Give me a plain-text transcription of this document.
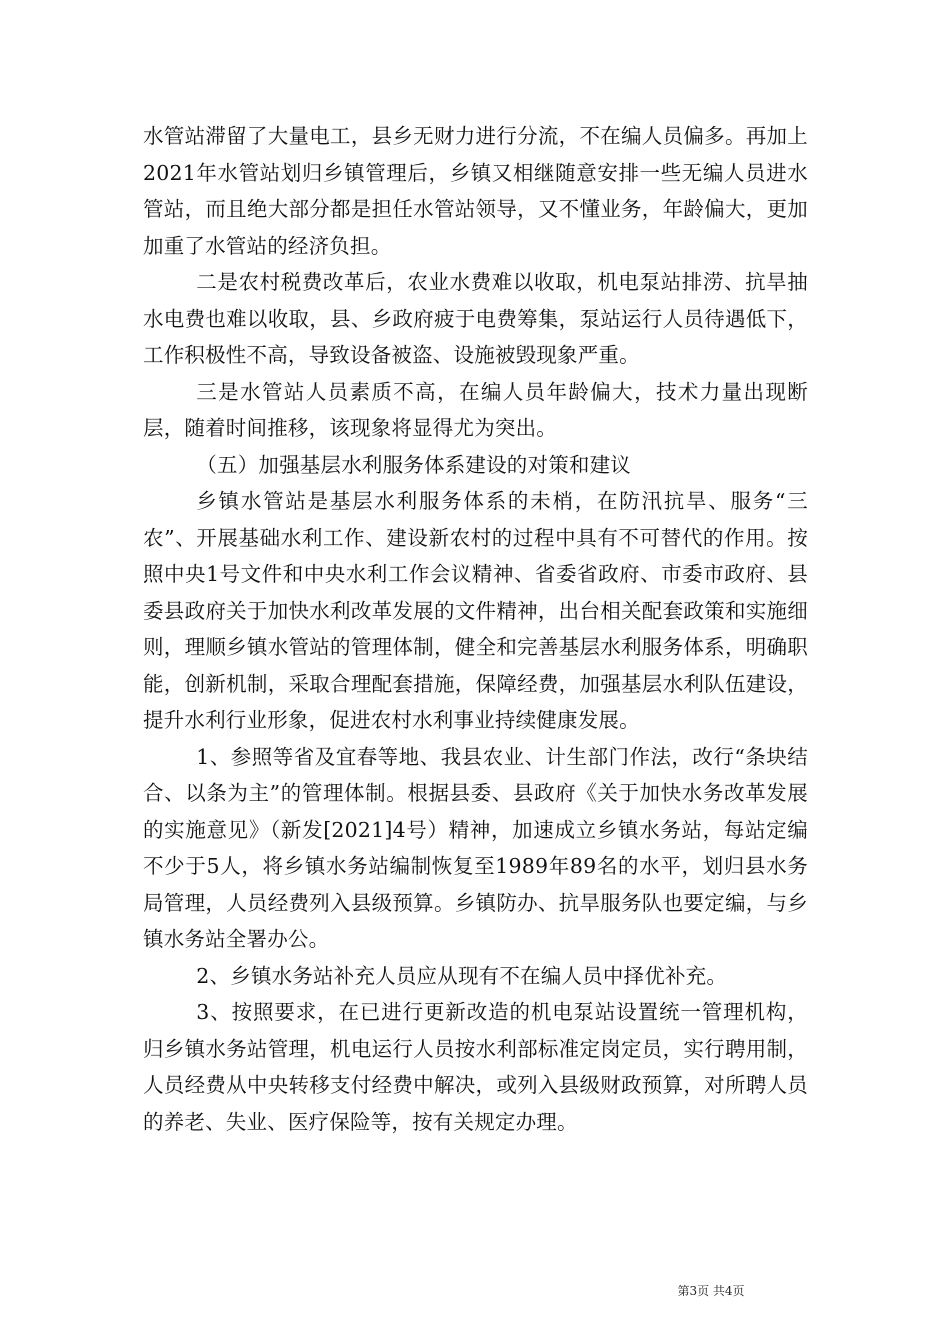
水管站滞留了大量电工，县乡无财力进行分流，不在编人员偏多。再加上2021年水管站划归乡镇管理后，乡镇又相继随意安排一些无编人员进水管站，而且绝大部分都是担任水管站领导，又不懂业务，年龄偏大，更加加重了水管站的经济负担。

二是农村税费改革后，农业水费难以收取，机电泵站排涝、抗旱抽水电费也难以收取，县、乡政府疲于电费筹集，泵站运行人员待遇低下，工作积极性不高，导致设备被盗、设施被毁现象严重。

三是水管站人员素质不高，在编人员年龄偏大，技术力量出现断层，随着时间推移，该现象将显得尤为突出。

（五）加强基层水利服务体系建设的对策和建议

乡镇水管站是基层水利服务体系的未梢，在防汛抗旱、服务“三农”、开展基础水利工作、建设新农村的过程中具有不可替代的作用。按照中央1号文件和中央水利工作会议精神、省委省政府、市委市政府、县委县政府关于加快水利改革发展的文件精神，出台相关配套政策和实施细则，理顺乡镇水管站的管理体制，健全和完善基层水利服务体系，明确职能，创新机制，采取合理配套措施，保障经费，加强基层水利队伍建设，提升水利行业形象，促进农村水利事业持续健康发展。

1、参照等省及宜春等地、我县农业、计生部门作法，改行“条块结合、以条为主”的管理体制。根据县委、县政府《关于加快水务改革发展的实施意见》（新发[2021]4号）精神，加速成立乡镇水务站，每站定编不少于5人，将乡镇水务站编制恢复至1989年89名的水平，划归县水务局管理，人员经费列入县级预算。乡镇防办、抗旱服务队也要定编，与乡镇水务站全署办公。

2、乡镇水务站补充人员应从现有不在编人员中择优补充。

3、按照要求，在已进行更新改造的机电泵站设置统一管理机构，归乡镇水务站管理，机电运行人员按水利部标准定岗定员，实行聘用制，人员经费从中央转移支付经费中解决，或列入县级财政预算，对所聘人员的养老、失业、医疗保险等，按有关规定办理。

第3页 共4页
